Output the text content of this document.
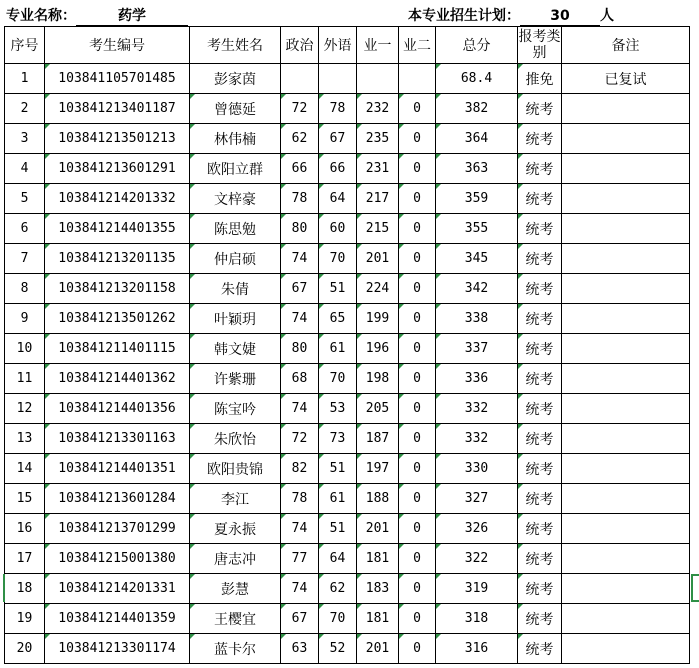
专业名称：	药学	本专业招生计划： 30 人
序号	考生编号	考生姓名	政治	外语	业一	业二	总分	报考类别	备注
1	103841105701485	彭家茵					68.4	推免	已复试
2	103841213401187	曾德延	72	78	232	0	382	统考	
3	103841213501213	林伟楠	62	67	235	0	364	统考	
4	103841213601291	欧阳立群	66	66	231	0	363	统考	
5	103841214201332	文梓豪	78	64	217	0	359	统考	
6	103841214401355	陈思勉	80	60	215	0	355	统考	
7	103841213201135	仲启硕	74	70	201	0	345	统考	
8	103841213201158	朱倩	67	51	224	0	342	统考	
9	103841213501262	叶颖玥	74	65	199	0	338	统考	
10	103841211401115	韩文婕	80	61	196	0	337	统考	
11	103841214401362	许紫珊	68	70	198	0	336	统考	
12	103841214401356	陈宝吟	74	53	205	0	332	统考	
13	103841213301163	朱欣怡	72	73	187	0	332	统考	
14	103841214401351	欧阳贵锦	82	51	197	0	330	统考	
15	103841213601284	李江	78	61	188	0	327	统考	
16	103841213701299	夏永振	74	51	201	0	326	统考	
17	103841215001380	唐志冲	77	64	181	0	322	统考	
18	103841214201331	彭慧	74	62	183	0	319	统考	
19	103841214401359	王樱宜	67	70	181	0	318	统考	
20	103841213301174	蓝卡尔	63	52	201	0	316	统考	
